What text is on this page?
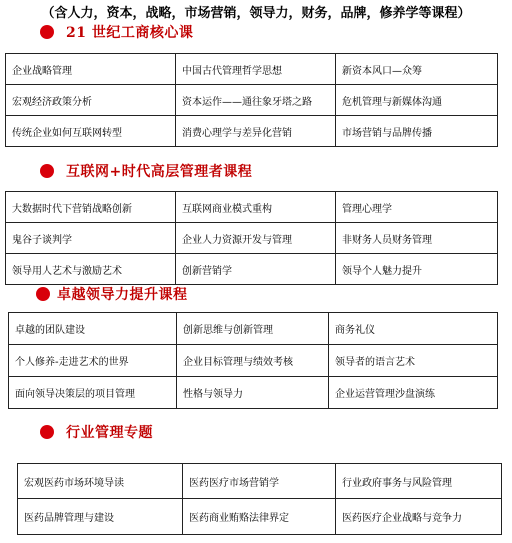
（含人力，资本，战略，市场营销，领导力，财务，品牌，修养学等课程）
21 世纪工商核心课
企业战略管理	中国古代管理哲学思想	新资本风口—众筹
宏观经济政策分析	资本运作——通往象牙塔之路	危机管理与新媒体沟通
传统企业如何互联网转型	消费心理学与差异化营销	市场营销与品牌传播
互联网+时代高层管理者课程
大数据时代下营销战略创新	互联网商业模式重构	管理心理学
鬼谷子谈判学	企业人力资源开发与管理	非财务人员财务管理
领导用人艺术与激励艺术	创新营销学	领导个人魅力提升
卓越领导力提升课程
卓越的团队建设	创新思维与创新管理	商务礼仪
个人修养-走进艺术的世界	企业目标管理与绩效考核	领导者的语言艺术
面向领导决策层的项目管理	性格与领导力	企业运营管理沙盘演练
行业管理专题
宏观医药市场环境导读	医药医疗市场营销学	行业政府事务与风险管理
医药品牌管理与建设	医药商业贿赂法律界定	医药医疗企业战略与竞争力
